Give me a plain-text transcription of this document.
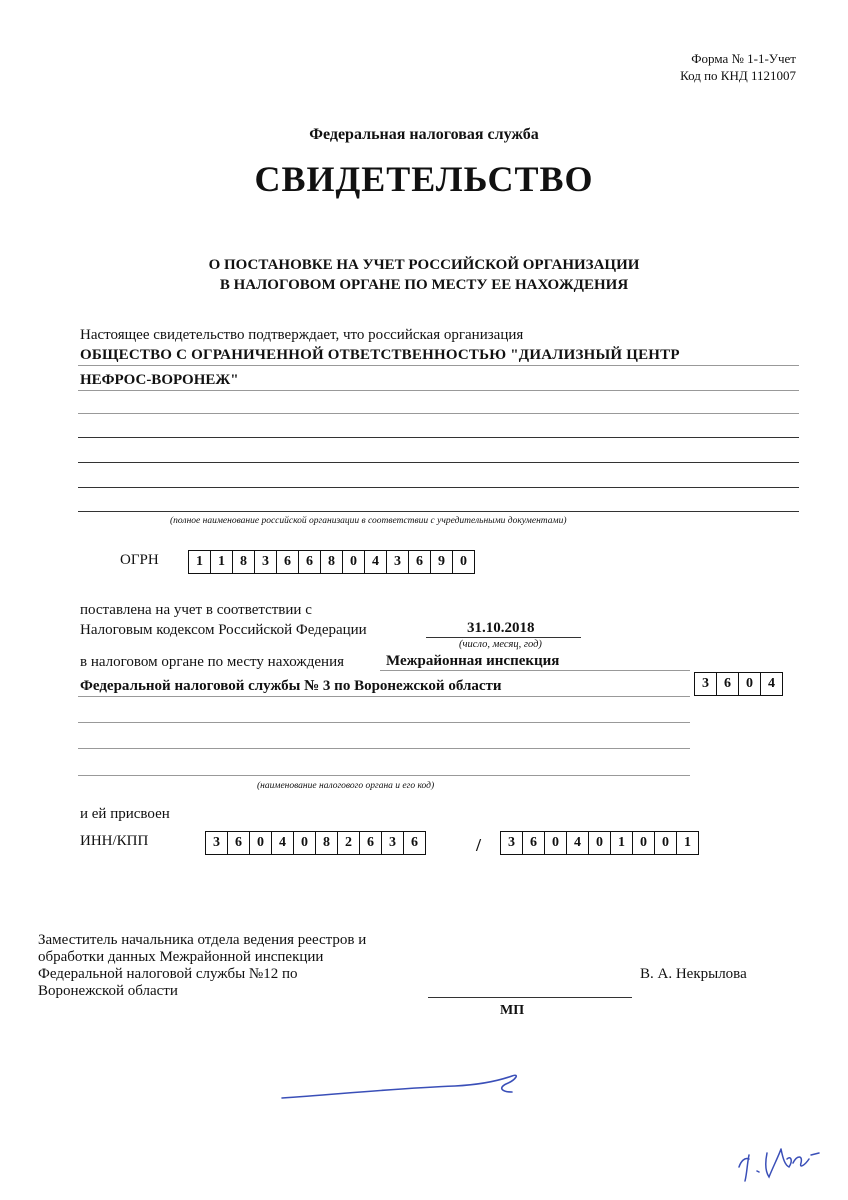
Форма № 1-1-Учет
Код по КНД 1121007
Федеральная налоговая служба
СВИДЕТЕЛЬСТВО
О ПОСТАНОВКЕ НА УЧЕТ РОССИЙСКОЙ ОРГАНИЗАЦИИ
В НАЛОГОВОМ ОРГАНЕ ПО МЕСТУ ЕЕ НАХОЖДЕНИЯ
Настоящее свидетельство подтверждает, что российская организация
ОБЩЕСТВО С ОГРАНИЧЕННОЙ ОТВЕТСТВЕННОСТЬЮ "ДИАЛИЗНЫЙ ЦЕНТР
НЕФРОС-ВОРОНЕЖ"
(полное наименование российской организации в соответствии с учредительными документами)
ОГРН	1	1	8	3	6	6	8	0	4	3	6	9	0
поставлена на учет в соответствии с
Налоговым кодексом Российской Федерации	31.10.2018
(число, месяц, год)
в налоговом органе по месту нахождения	Межрайонная инспекция
Федеральной налоговой службы № 3 по Воронежской области	3	6	0	4
(наименование налогового органа и его код)
и ей присвоен
ИНН/КПП	3	6	0	4	0	8	2	6	3	6	/	3	6	0	4	0	1	0	0	1
Заместитель начальника отдела ведения реестров и
обработки данных Межрайонной инспекции
Федеральной налоговой службы №12 по
Воронежской области
В. А. Некрылова
МП
